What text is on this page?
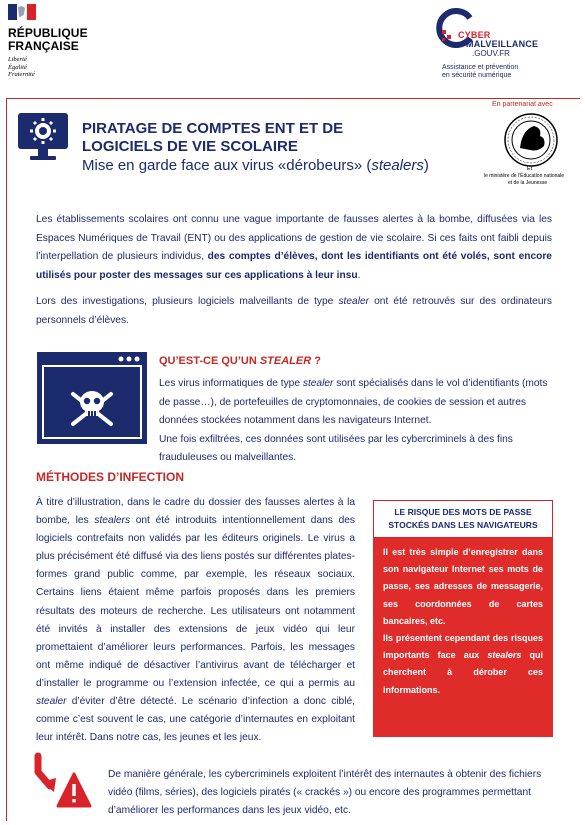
RÉPUBLIQUE
FRANÇAISE
Liberté
Égalité
Fraternité
CYBER
MALVEILLANCE
.GOUV.FR
Assistance et prévention
en sécurité numérique
PIRATAGE DE COMPTES ENT ET DE LOGICIELS DE VIE SCOLAIRE
Mise en garde face aux virus «dérobeurs» (stealers)
En partenariat avec
Et
le ministère de l’Éducation nationale
et de la Jeunesse
Les établissements scolaires ont connu une vague importante de fausses alertes à la bombe, diffusées via les Espaces Numériques de Travail (ENT) ou des applications de gestion de vie scolaire. Si ces faits ont faibli depuis l’interpellation de plusieurs individus, des comptes d’élèves, dont les identifiants ont été volés, sont encore utilisés pour poster des messages sur ces applications à leur insu.
Lors des investigations, plusieurs logiciels malveillants de type stealer ont été retrouvés sur des ordinateurs personnels d’élèves.
QU’EST-CE QU’UN STEALER ?
Les virus informatiques de type stealer sont spécialisés dans le vol d’identifiants (mots de passe…), de portefeuilles de cryptomonnaies, de cookies de session et autres données stockées notamment dans les navigateurs Internet.
Une fois exfiltrées, ces données sont utilisées par les cybercriminels à des fins frauduleuses ou malveillantes.
MÉTHODES D’INFECTION
À titre d’illustration, dans le cadre du dossier des fausses alertes à la bombe, les stealers ont été introduits intentionnellement dans des logiciels contrefaits non validés par les éditeurs originels. Le virus a plus précisément été diffusé via des liens postés sur différentes plates-formes grand public comme, par exemple, les réseaux sociaux. Certains liens étaient même parfois proposés dans les premiers résultats des moteurs de recherche. Les utilisateurs ont notamment été invités à installer des extensions de jeux vidéo qui leur promettaient d’améliorer leurs performances. Parfois, les messages ont même indiqué de désactiver l’antivirus avant de télécharger et d’installer le programme ou l’extension infectée, ce qui a permis au stealer d’éviter d’être détecté. Le scénario d’infection a donc ciblé, comme c’est souvent le cas, une catégorie d’internautes en exploitant leur intérêt. Dans notre cas, les jeunes et les jeux.
LE RISQUE DES MOTS DE PASSE STOCKÉS DANS LES NAVIGATEURS
Il est très simple d’enregistrer dans son navigateur Internet ses mots de passe, ses adresses de messagerie, ses coordonnées de cartes bancaires, etc.
Ils présentent cependant des risques importants face aux stealers qui cherchent à dérober ces informations.
De manière générale, les cybercriminels exploitent l’intérêt des internautes à obtenir des fichiers vidéo (films, séries), des logiciels piratés (« crackés ») ou encore des programmes permettant d’améliorer les performances dans les jeux vidéo, etc.
